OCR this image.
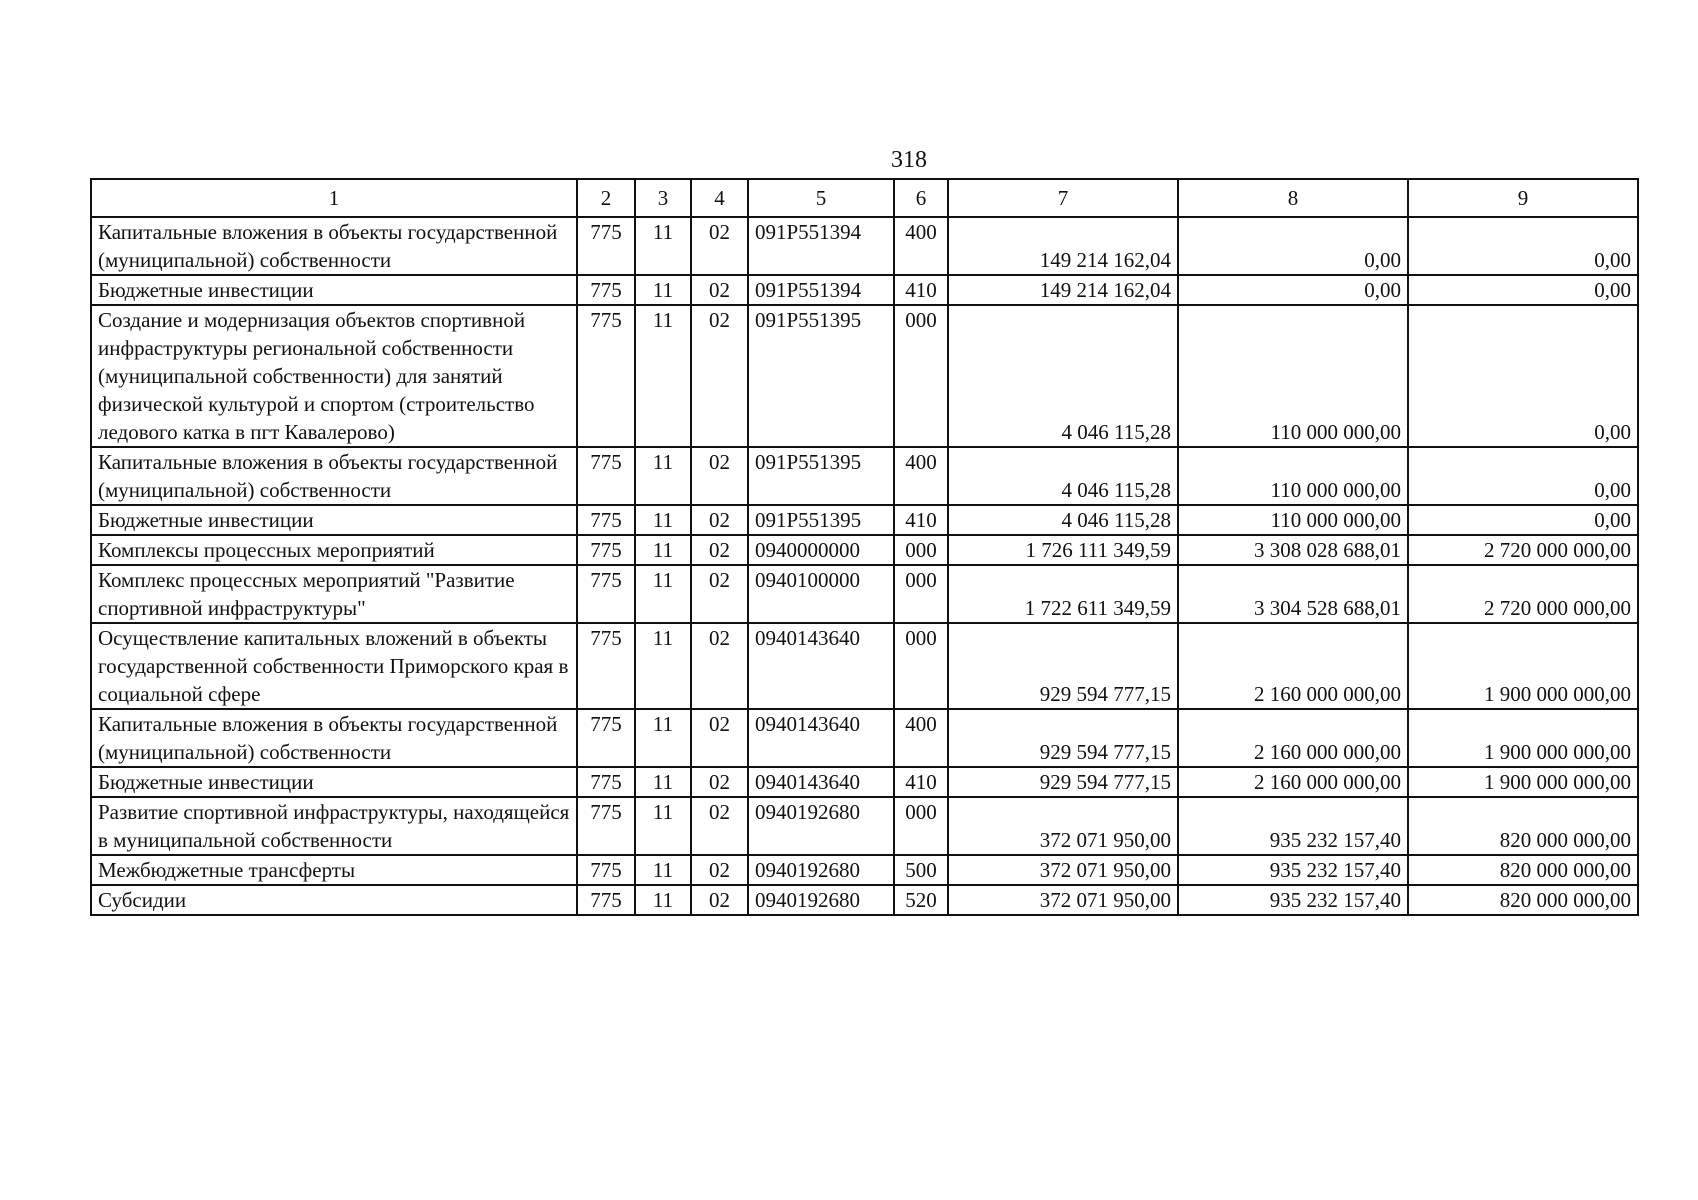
318
1	2	3	4	5	6	7	8	9
Капитальные вложения в объекты государственной (муниципальной) собственности	775	11	02	091P551394	400	149 214 162,04	0,00	0,00
Бюджетные инвестиции	775	11	02	091P551394	410	149 214 162,04	0,00	0,00
Создание и модернизация объектов спортивной инфраструктуры региональной собственности (муниципальной собственности) для занятий физической культурой и спортом (строительство ледового катка в пгт Кавалерово)	775	11	02	091P551395	000	4 046 115,28	110 000 000,00	0,00
Капитальные вложения в объекты государственной (муниципальной) собственности	775	11	02	091P551395	400	4 046 115,28	110 000 000,00	0,00
Бюджетные инвестиции	775	11	02	091P551395	410	4 046 115,28	110 000 000,00	0,00
Комплексы процессных мероприятий	775	11	02	0940000000	000	1 726 111 349,59	3 308 028 688,01	2 720 000 000,00
Комплекс процессных мероприятий "Развитие спортивной инфраструктуры"	775	11	02	0940100000	000	1 722 611 349,59	3 304 528 688,01	2 720 000 000,00
Осуществление капитальных вложений в объекты государственной собственности Приморского края в социальной сфере	775	11	02	0940143640	000	929 594 777,15	2 160 000 000,00	1 900 000 000,00
Капитальные вложения в объекты государственной (муниципальной) собственности	775	11	02	0940143640	400	929 594 777,15	2 160 000 000,00	1 900 000 000,00
Бюджетные инвестиции	775	11	02	0940143640	410	929 594 777,15	2 160 000 000,00	1 900 000 000,00
Развитие спортивной инфраструктуры, находящейся в муниципальной собственности	775	11	02	0940192680	000	372 071 950,00	935 232 157,40	820 000 000,00
Межбюджетные трансферты	775	11	02	0940192680	500	372 071 950,00	935 232 157,40	820 000 000,00
Субсидии	775	11	02	0940192680	520	372 071 950,00	935 232 157,40	820 000 000,00
